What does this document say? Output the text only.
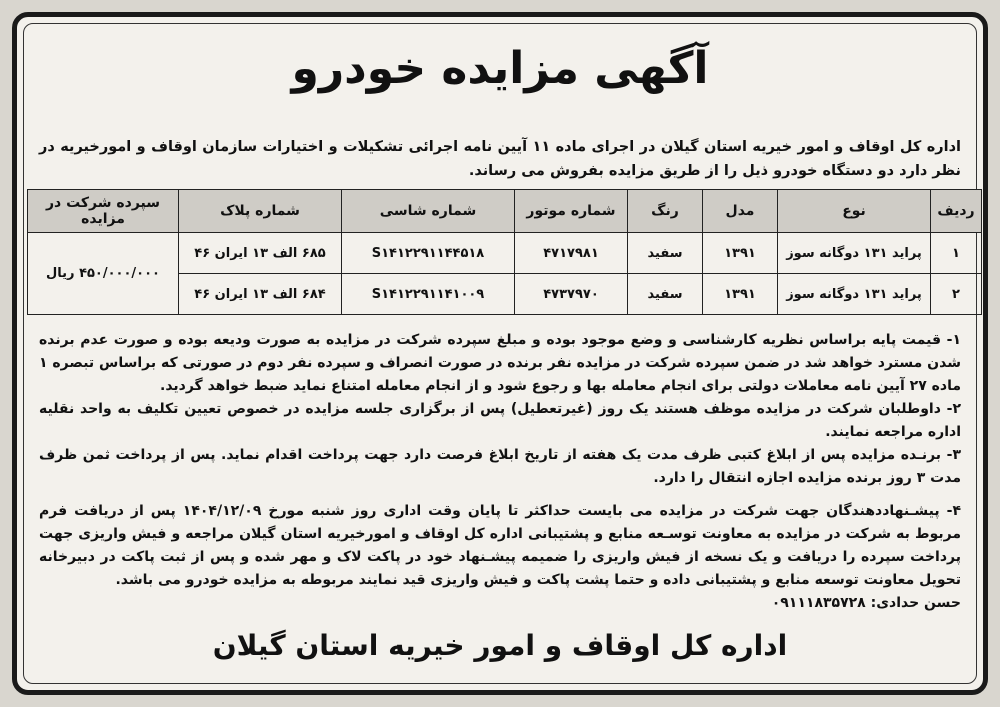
آگهی مزایده خودرو
اداره کل اوقاف و امور خیریه استان گیلان در اجرای ماده ۱۱ آیین نامه اجرائی تشکیلات و اختیارات سازمان اوقاف و امورخیریه در نظر دارد دو دستگاه خودرو ذیل را از طریق مزایده بفروش می رساند.
ردیف	نوع	مدل	رنگ	شماره موتور	شماره شاسی	شماره پلاک	سپرده شرکت در مزایده
۱	پراید ۱۳۱ دوگانه سوز	۱۳۹۱	سفید	۴۷۱۷۹۸۱	S۱۴۱۲۲۹۱۱۴۴۵۱۸	۶۸۵ الف ۱۳ ایران ۴۶	۴۵۰/۰۰۰/۰۰۰ ریال
۲	پراید ۱۳۱ دوگانه سوز	۱۳۹۱	سفید	۴۷۳۷۹۷۰	S۱۴۱۲۲۹۱۱۴۱۰۰۹	۶۸۴ الف ۱۳ ایران ۴۶	

۱- قیمت پایه براساس نظریه کارشناسی و وضع موجود بوده و مبلغ سپرده شرکت در مزایده به صورت ودیعه بوده و صورت عدم برنده شدن مسترد خواهد شد در ضمن سپرده شرکت در مزایده نفر برنده در صورت انصراف و سپرده نفر دوم در صورتی که براساس تبصره ۱ ماده ۲۷ آیین نامه معاملات دولتی برای انجام معامله بها و رجوع شود و از انجام معامله امتناع نماید ضبط خواهد گردید.

۲- داوطلبان شرکت در مزایده موظف هستند یک روز (غیرتعطیل) پس از برگزاری جلسه مزایده در خصوص تعیین تکلیف به واحد نقلیه اداره مراجعه نمایند.

۳- برنـده مزایده پس از ابلاغ کتبی ظرف مدت یک هفته از تاریخ ابلاغ فرصت دارد جهت پرداخت اقدام نماید. پس از پرداخت ثمن ظرف مدت ۳ روز برنده مزایده اجازه انتقال را دارد.

۴- پیشـنهاددهندگان جهت شرکت در مزایده می بایست حداکثر تا پایان وقت اداری روز شنبه مورخ ۱۴۰۴/۱۲/۰۹ پس از دریافت فرم مربوط به شرکت در مزایده به معاونت توسـعه منابع و پشتیبانی اداره کل اوقاف و امورخیریه استان گیلان مراجعه و فیش واریزی جهت پرداخت سپرده را دریافت و یک نسخه از فیش واریزی را ضمیمه پیشـنهاد خود در پاکت لاک و مهر شده و پس از ثبت پاکت در دبیرخانه تحویل معاونت توسعه منابع و پشتیبانی داده و حتما پشت پاکت و فیش واریزی قید نمایند مربوطه به مزایده خودرو می باشد.

حسن حدادی: ۰۹۱۱۱۸۳۵۷۲۸

اداره کل اوقاف و امور خیریه استان گیلان
